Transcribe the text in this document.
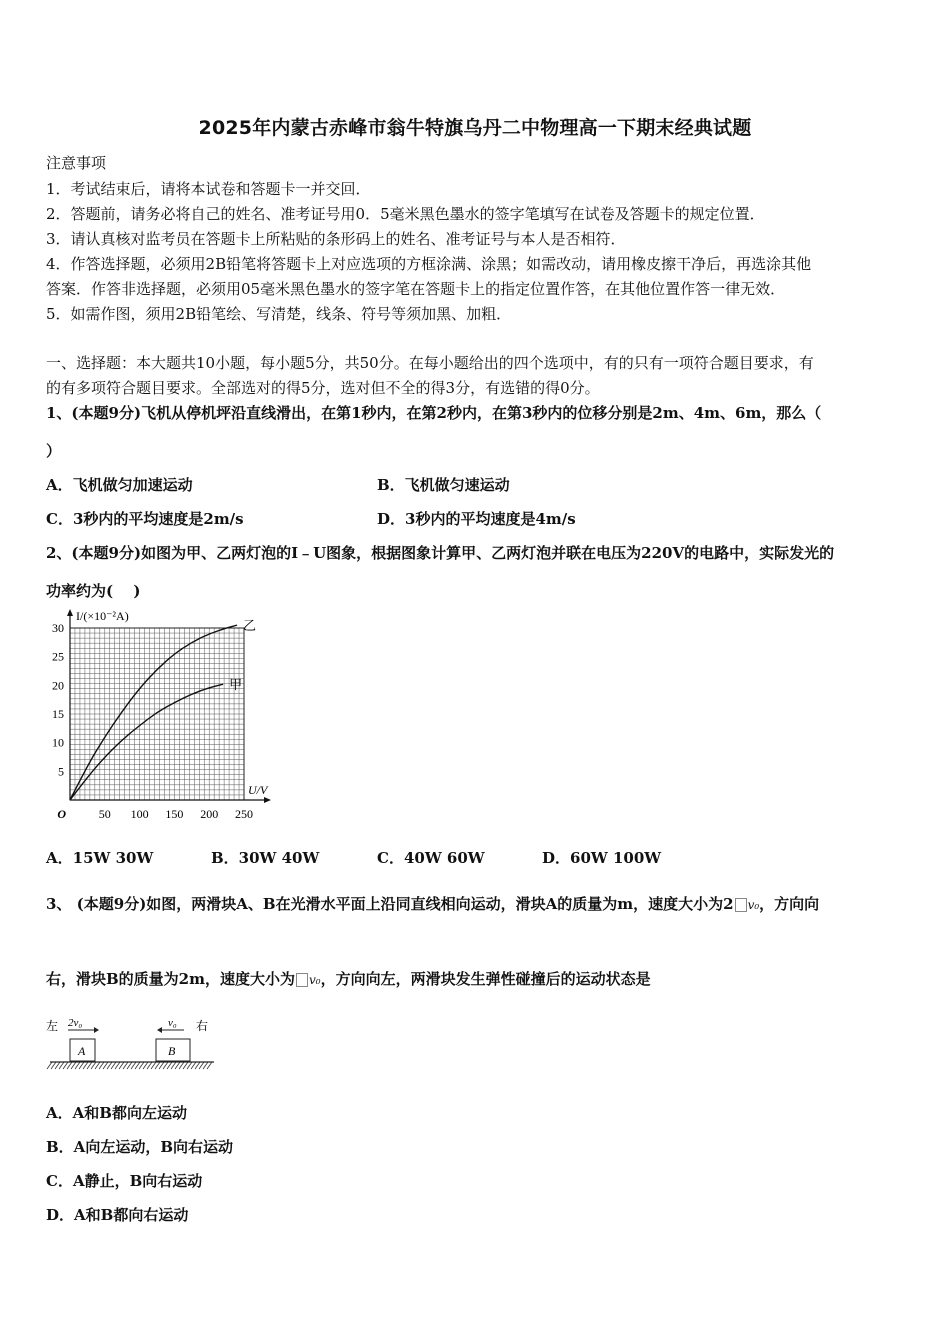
2025年内蒙古赤峰市翁牛特旗乌丹二中物理高一下期末经典试题
注意事项
1．考试结束后，请将本试卷和答题卡一并交回．
2．答题前，请务必将自己的姓名、准考证号用0．5毫米黑色墨水的签字笔填写在试卷及答题卡的规定位置．
3．请认真核对监考员在答题卡上所粘贴的条形码上的姓名、准考证号与本人是否相符．
4．作答选择题，必须用2B铅笔将答题卡上对应选项的方框涂满、涂黑；如需改动，请用橡皮擦干净后，再选涂其他
答案．作答非选择题，必须用05毫米黑色墨水的签字笔在答题卡上的指定位置作答，在其他位置作答一律无效．
5．如需作图，须用2B铅笔绘、写清楚，线条、符号等须加黑、加粗．
一、选择题：本大题共10小题，每小题5分，共50分。在每小题给出的四个选项中，有的只有一项符合题目要求，有
的有多项符合题目要求。全部选对的得5分，选对但不全的得3分，有选错的得0分。
1、(本题9分)飞机从停机坪沿直线滑出，在第1秒内，在第2秒内，在第3秒内的位移分别是2m、4m、6m，那么（
）
A．飞机做匀加速运动	B．飞机做匀速运动
C．3秒内的平均速度是2m/s	D．3秒内的平均速度是4m/s
2、(本题9分)如图为甲、乙两灯泡的I﹣U图象，根据图象计算甲、乙两灯泡并联在电压为220V的电路中，实际发光的
功率约为(　 )
5
10
15
20
25
30
50 100 150 200 250
O
I/(×10⁻²A)
U/V
乙
甲
A．15W 30W	B．30W 40W	C．40W 60W	D．60W 100W
3、 (本题9分)如图，两滑块A、B在光滑水平面上沿同直线相向运动，滑块A的质量为m，速度大小为2 v₀，方向向
右，滑块B的质量为2m，速度大小为 v₀，方向向左，两滑块发生弹性碰撞后的运动状态是
左	右
2v₀	v₀
A	B
A．A和B都向左运动
B．A向左运动，B向右运动
C．A静止，B向右运动
D．A和B都向右运动
